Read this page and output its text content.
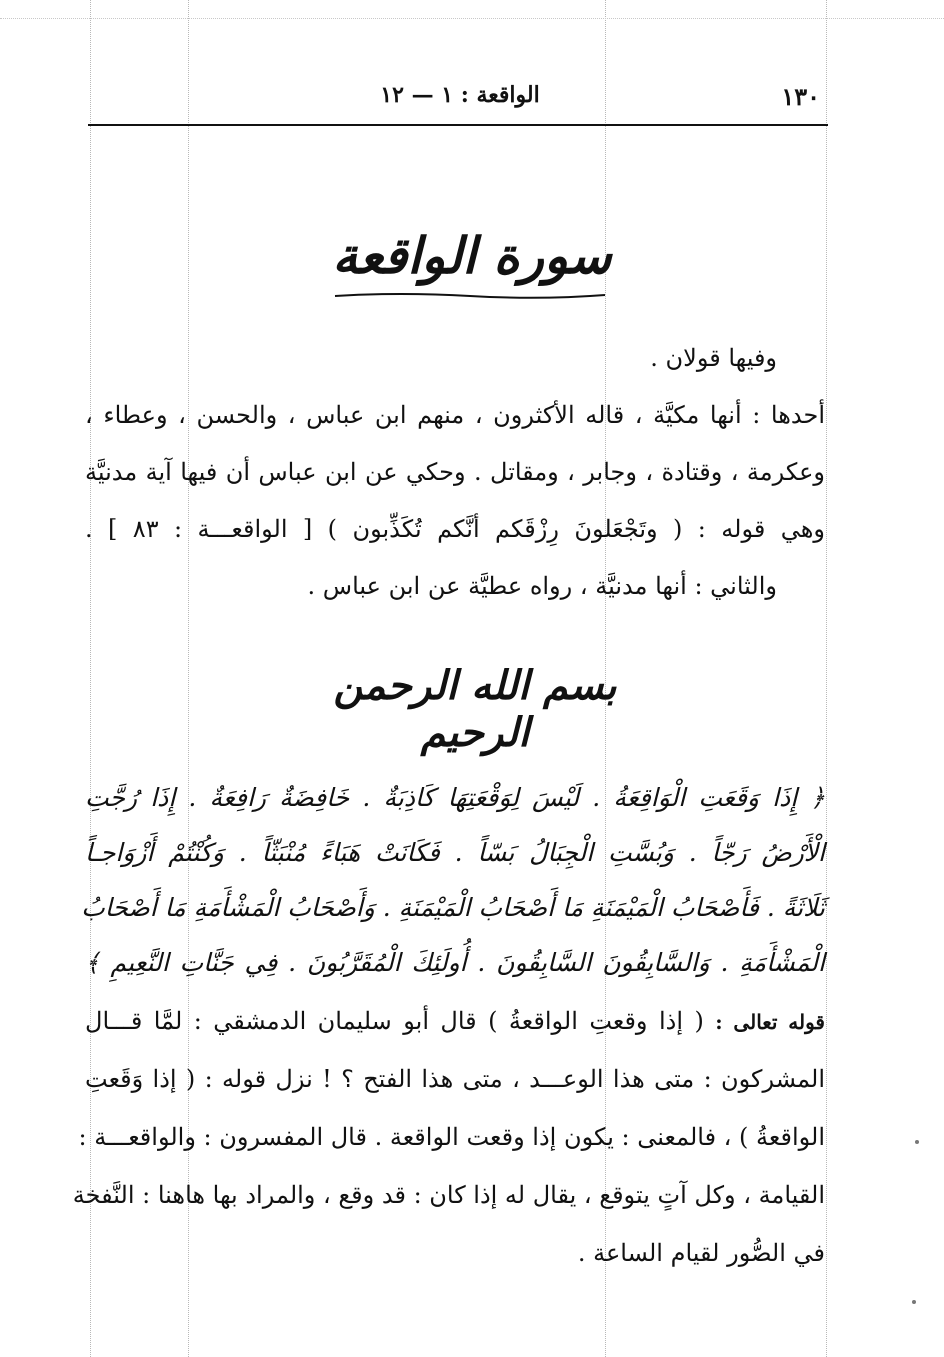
١٣٠
الواقعة : ١ — ١٢
سورة الواقعة
وفيها قولان .
أحدها : أنها مكيَّة ، قاله الأكثرون ، منهم ابن عباس ، والحسن ، وعطاء ،
وعكرمة ، وقتادة ، وجابر ، ومقاتل . وحكي عن ابن عباس أن فيها آية مدنيَّة
وهي قوله : ( وتَجْعَلونَ رِزْقَكم أنَّكم تُكَذِّبون ) [ الواقعـــة : ٨٣ ] .
والثاني : أنها مدنيَّة ، رواه عطيَّة عن ابن عباس .
بسم الله الرحمن الرحيم
﴿ إِذَا وَقَعَتِ الْوَاقِعَةُ . لَيْسَ لِوَقْعَتِهَا كَاذِبَةٌ . خَافِضَةٌ رَافِعَةٌ . إِذَا رُجَّتِ
الْأَرْضُ رَجّاً . وَبُسَّتِ الْجِبَالُ بَسّاً . فَكَانَتْ هَبَاءً مُنْبَثّاً . وَكُنْتُمْ أَزْوَاجـاً
ثَلَاثَةً . فَأَصْحَابُ الْمَيْمَنَةِ مَا أَصْحَابُ الْمَيْمَنَةِ . وَأَصْحَابُ الْمَشْأَمَةِ مَا أَصْحَابُ
الْمَشْأَمَةِ . وَالسَّابِقُونَ السَّابِقُونَ . أُولَئِكَ الْمُقَرَّبُونَ . فِي جَنَّاتِ النَّعِيمِ ﴾
قوله تعالى : ( إذا وقعتِ الواقعةُ ) قال أبو سليمان الدمشقي : لمَّا قـــال
المشركون : متى هذا الوعـــد ، متى هذا الفتح ؟ ! نزل قوله : ( إذا وَقَعتِ
الواقعةُ ) ، فالمعنى : يكون إذا وقعت الواقعة . قال المفسرون : والواقعـــة :
القيامة ، وكل آتٍ يتوقع ، يقال له إذا كان : قد وقع ، والمراد بها هاهنا : النَّفخة
في الصُّور لقيام الساعة .
